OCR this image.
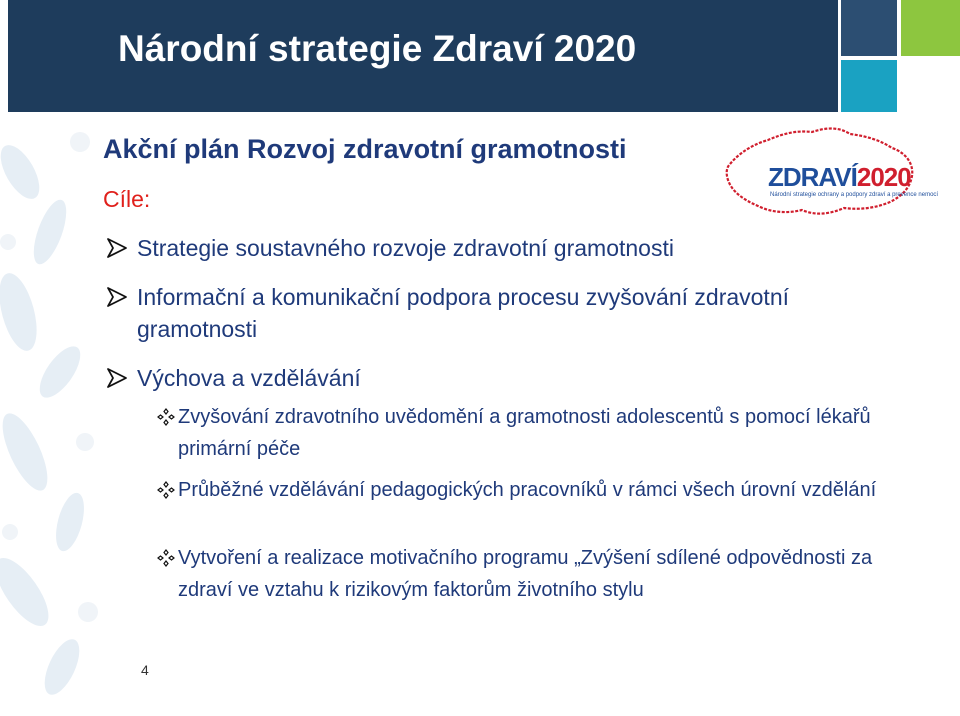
Národní strategie Zdraví 2020
ZDRAVÍ2020
Národní strategie ochrany a podpory zdraví a prevence nemocí
Akční plán Rozvoj zdravotní gramotnosti
Cíle:
Strategie soustavného rozvoje zdravotní gramotnosti
Informační a komunikační podpora procesu zvyšování zdravotní gramotnosti
Výchova a vzdělávání
Zvyšování zdravotního uvědomění a gramotnosti adolescentů s pomocí lékařů primární péče
Průběžné vzdělávání pedagogických pracovníků v rámci všech úrovní vzdělání
Vytvoření a realizace motivačního programu „Zvýšení sdílené odpovědnosti za zdraví ve vztahu k rizikovým faktorům životního stylu
4
